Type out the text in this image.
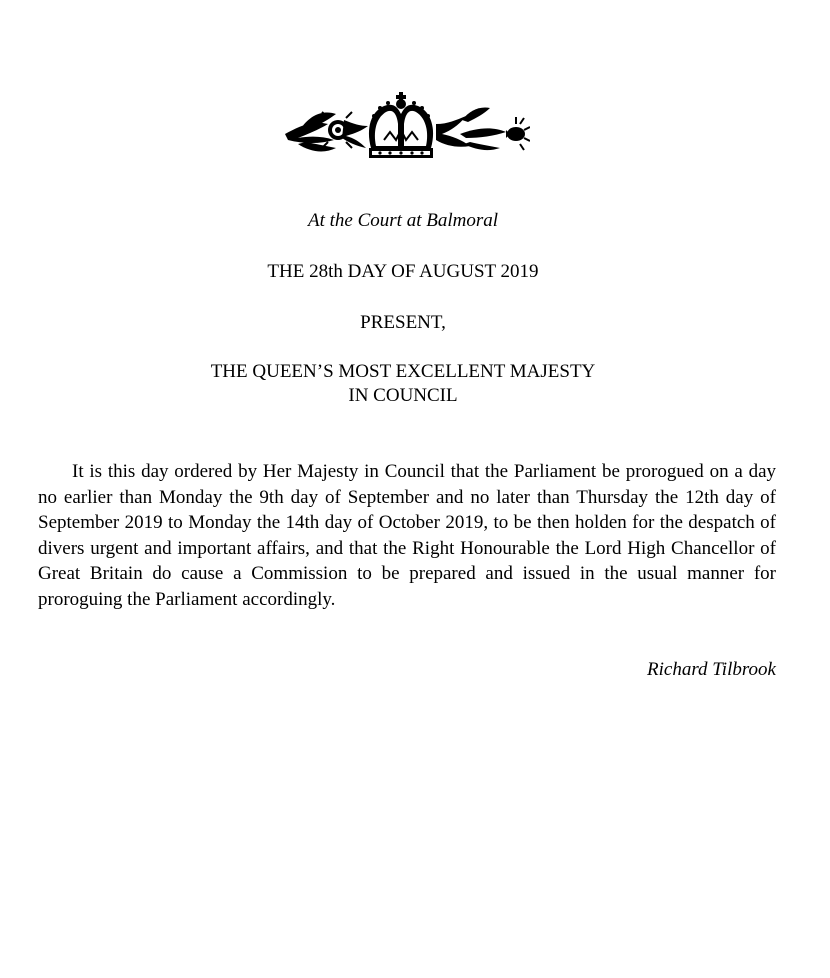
At the Court at Balmoral
THE 28th DAY OF AUGUST 2019
PRESENT,
THE QUEEN’S MOST EXCELLENT MAJESTY
IN COUNCIL

It is this day ordered by Her Majesty in Council that the Parliament be prorogued on a day no earlier than Monday the 9th day of September and no later than Thursday the 12th day of September 2019 to Monday the 14th day of October 2019, to be then holden for the despatch of divers urgent and important affairs, and that the Right Honourable the Lord High Chancellor of Great Britain do cause a Commission to be prepared and issued in the usual manner for proroguing the Parliament accordingly.

Richard Tilbrook
